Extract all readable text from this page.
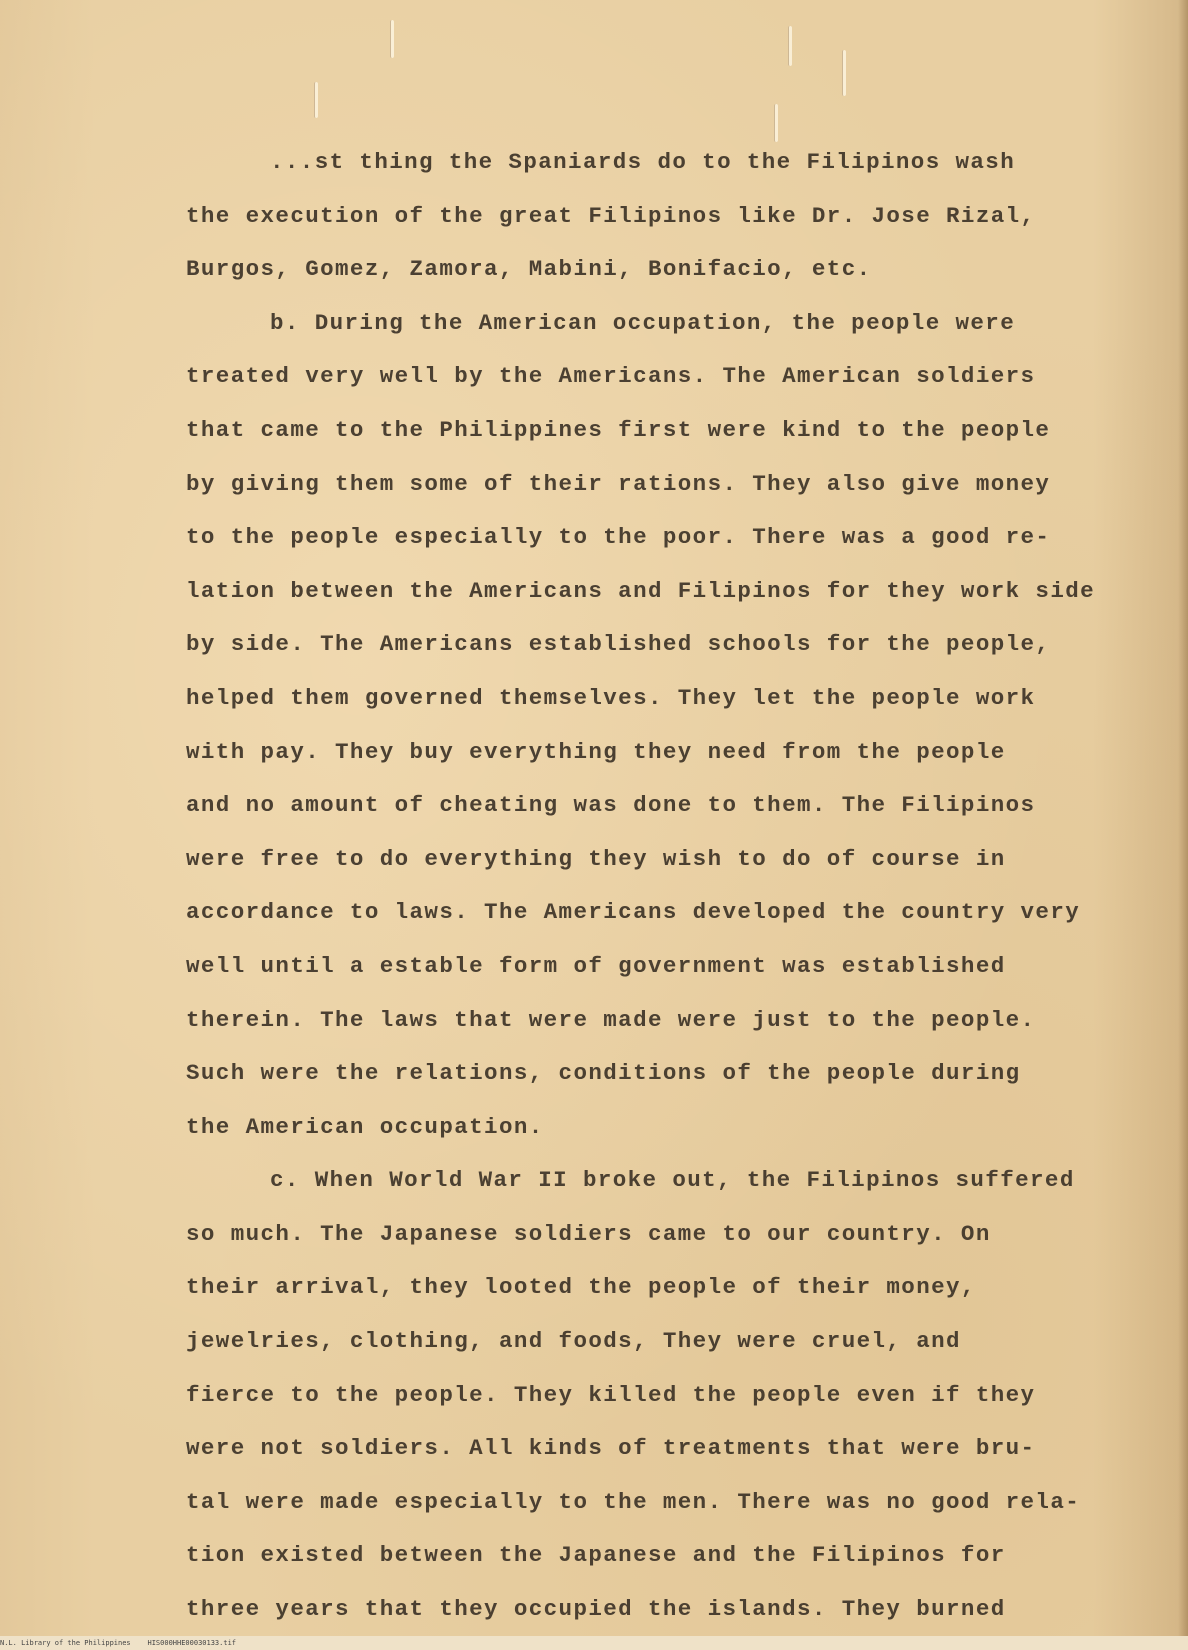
...st thing the Spaniards do to the Filipinos wash
the execution of the great Filipinos like Dr. Jose Rizal,
Burgos, Gomez, Zamora, Mabini, Bonifacio, etc.
b. During the American occupation, the people were
treated very well by the Americans. The American soldiers
that came to the Philippines first were kind to the people
by giving them some of their rations. They also give money
to the people especially to the poor. There was a good re-
lation between the Americans and Filipinos for they work side
by side. The Americans established schools for the people,
helped them governed themselves. They let the people work
with pay. They buy everything they need from the people
and no amount of cheating was done to them. The Filipinos
were free to do everything they wish to do of course in
accordance to laws. The Americans developed the country very
well until a estable form of government was established
therein. The laws that were made were just to the people.
Such were the relations, conditions of the people during
the American occupation.
c. When World War II broke out, the Filipinos suffered
so much. The Japanese soldiers came to our country. On
their arrival, they looted the people of their money,
jewelries, clothing, and foods, They were cruel, and
fierce to the people. They killed the people even if they
were not soldiers. All kinds of treatments that were bru-
tal were made especially to the men. There was no good rela-
tion existed between the Japanese and the Filipinos for
three years that they occupied the islands. They burned
N.L. Library of the Philippines    HIS000HHE00030133.tif
